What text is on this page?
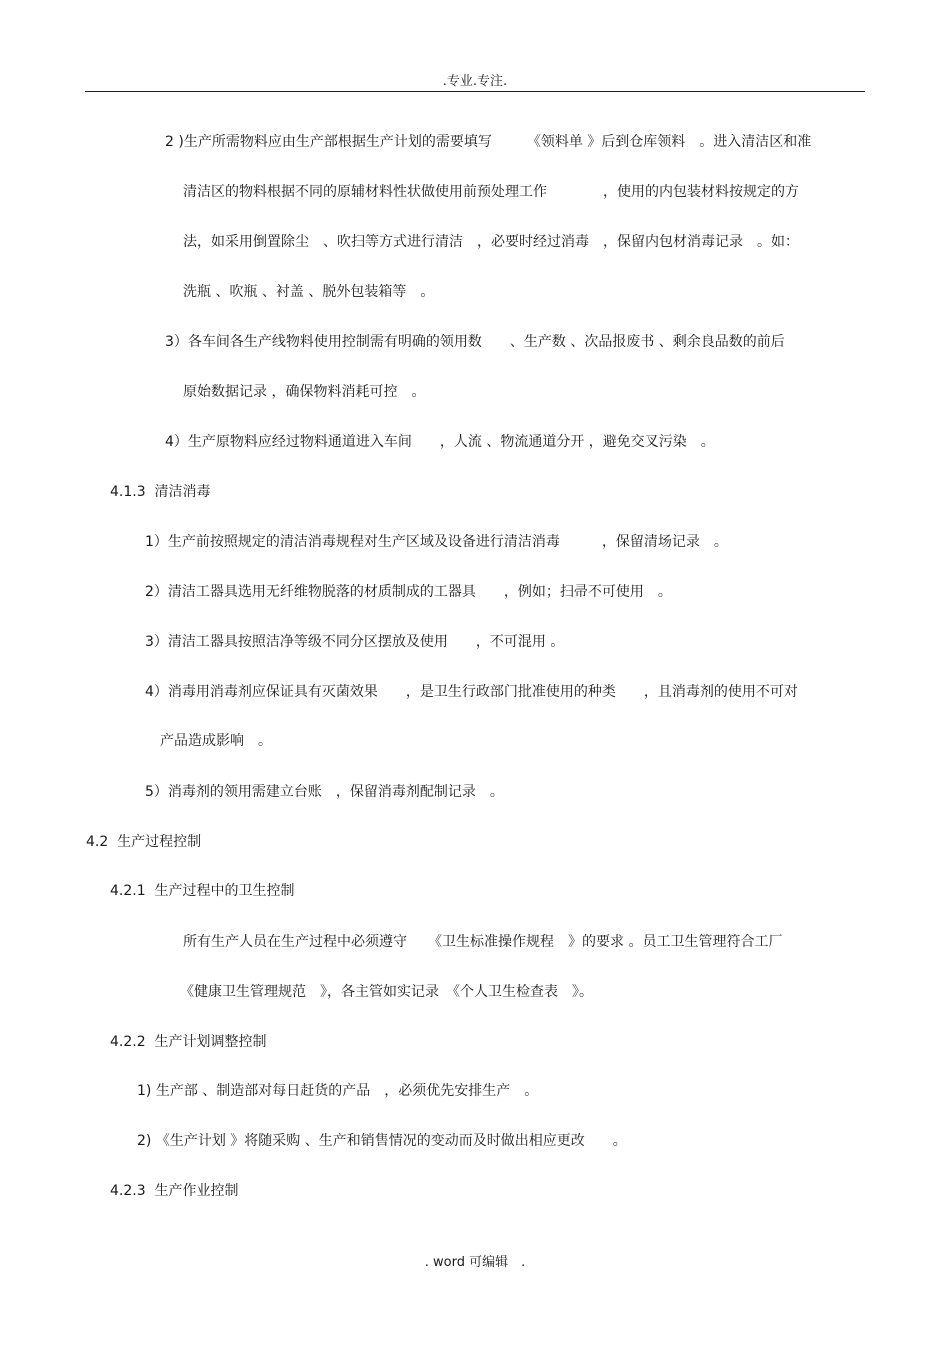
.专业.专注.
2 )生产所需物料应由生产部根据生产计划的需要填写　　　《领料单 》后到仓库领料　。进入清洁区和准
清洁区的物料根据不同的原辅材料性状做使用前预处理工作　　　　，使用的内包装材料按规定的方
法，如采用倒置除尘　、吹扫等方式进行清洁　，必要时经过消毒　，保留内包材消毒记录　。如：
洗瓶 、吹瓶 、衬盖 、脱外包装箱等　。
3）各车间各生产线物料使用控制需有明确的领用数　　、生产数 、次品报废书 、剩余良品数的前后
原始数据记录 ，确保物料消耗可控　。
4）生产原物料应经过物料通道进入车间　　，人流 、物流通道分开 ，避免交叉污染　。
4.1.3  清洁消毒
1）生产前按照规定的清洁消毒规程对生产区域及设备进行清洁消毒　　　，保留清场记录　。
2）清洁工器具选用无纤维物脱落的材质制成的工器具　　，例如；扫帚不可使用　。
3）清洁工器具按照洁净等级不同分区摆放及使用　　，不可混用 。
4）消毒用消毒剂应保证具有灭菌效果　　，是卫生行政部门批准使用的种类　　，且消毒剂的使用不可对
产品造成影响　。
5）消毒剂的领用需建立台账　，保留消毒剂配制记录　。
4.2  生产过程控制
4.2.1  生产过程中的卫生控制
所有生产人员在生产过程中必须遵守　　《卫生标准操作规程　》的要求 。员工卫生管理符合工厂
《健康卫生管理规范　》，各主管如实记录　《个人卫生检查表　》。
4.2.2  生产计划调整控制
1) 生产部 、制造部对每日赶货的产品　，必须优先安排生产　。
2) 《生产计划 》将随采购 、生产和销售情况的变动而及时做出相应更改　　。
4.2.3  生产作业控制
. word 可编辑　.
